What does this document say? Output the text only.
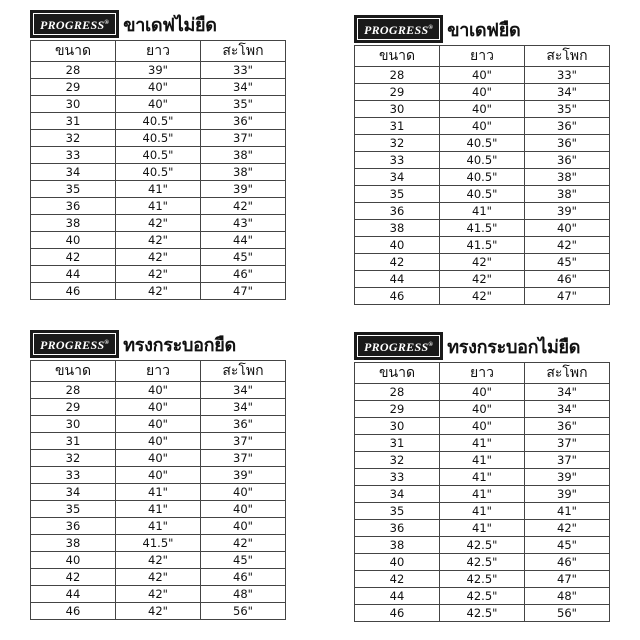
PROGRESS® ขาเดฟไม่ยืด
ขนาด	ยาว	สะโพก
28	39"	33"
29	40"	34"
30	40"	35"
31	40.5"	36"
32	40.5"	37"
33	40.5"	38"
34	40.5"	38"
35	41"	39"
36	41"	42"
38	42"	43"
40	42"	44"
42	42"	45"
44	42"	46"
46	42"	47"
PROGRESS® ขาเดฟยืด
ขนาด	ยาว	สะโพก
28	40"	33"
29	40"	34"
30	40"	35"
31	40"	36"
32	40.5"	36"
33	40.5"	36"
34	40.5"	38"
35	40.5"	38"
36	41"	39"
38	41.5"	40"
40	41.5"	42"
42	42"	45"
44	42"	46"
46	42"	47"
PROGRESS® ทรงกระบอกยืด
ขนาด	ยาว	สะโพก
28	40"	34"
29	40"	34"
30	40"	36"
31	40"	37"
32	40"	37"
33	40"	39"
34	41"	40"
35	41"	40"
36	41"	40"
38	41.5"	42"
40	42"	45"
42	42"	46"
44	42"	48"
46	42"	56"
PROGRESS® ทรงกระบอกไม่ยืด
ขนาด	ยาว	สะโพก
28	40"	34"
29	40"	34"
30	40"	36"
31	41"	37"
32	41"	37"
33	41"	39"
34	41"	39"
35	41"	41"
36	41"	42"
38	42.5"	45"
40	42.5"	46"
42	42.5"	47"
44	42.5"	48"
46	42.5"	56"
